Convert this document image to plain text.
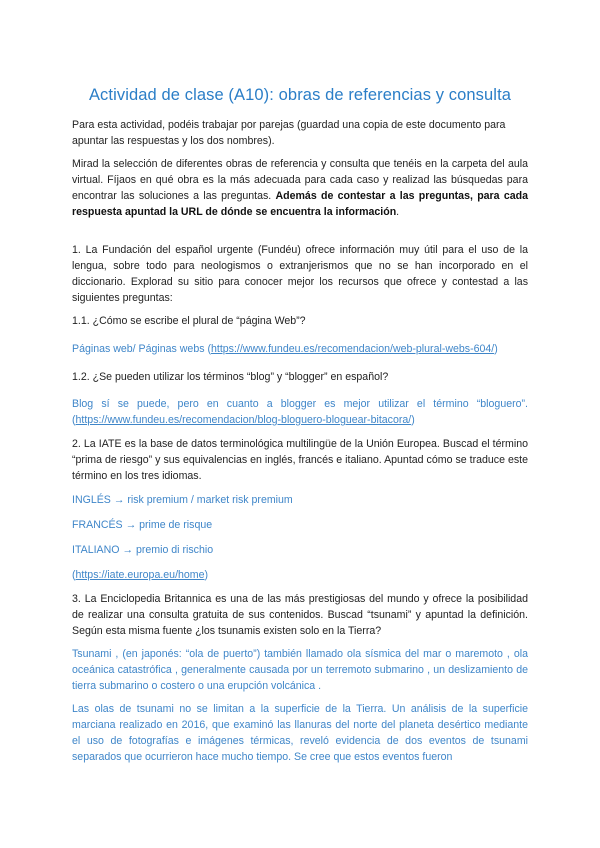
Actividad de clase (A10): obras de referencias y consulta

Para esta actividad, podéis trabajar por parejas (guardad una copia de este documento para apuntar las respuestas y los dos nombres).

Mirad la selección de diferentes obras de referencia y consulta que tenéis en la carpeta del aula virtual. Fíjaos en qué obra es la más adecuada para cada caso y realizad las búsquedas para encontrar las soluciones a las preguntas. Además de contestar a las preguntas, para cada respuesta apuntad la URL de dónde se encuentra la información.

1. La Fundación del español urgente (Fundéu) ofrece información muy útil para el uso de la lengua, sobre todo para neologismos o extranjerismos que no se han incorporado en el diccionario. Explorad su sitio para conocer mejor los recursos que ofrece y contestad a las siguientes preguntas:

1.1. ¿Cómo se escribe el plural de “página Web”?

Páginas web/ Páginas webs (https://www.fundeu.es/recomendacion/web-plural-webs-604/)

1.2. ¿Se pueden utilizar los términos “blog” y “blogger” en español?

Blog sí se puede, pero en cuanto a blogger es mejor utilizar el término “bloguero”. (https://www.fundeu.es/recomendacion/blog-bloguero-bloguear-bitacora/)

2. La IATE es la base de datos terminológica multilingüe de la Unión Europea. Buscad el término “prima de riesgo” y sus equivalencias en inglés, francés e italiano. Apuntad cómo se traduce este término en los tres idiomas.

INGLÉS → risk premium / market risk premium

FRANCÉS → prime de risque

ITALIANO → premio di rischio

(https://iate.europa.eu/home)

3. La Enciclopedia Britannica es una de las más prestigiosas del mundo y ofrece la posibilidad de realizar una consulta gratuita de sus contenidos. Buscad “tsunami” y apuntad la definición. Según esta misma fuente ¿los tsunamis existen solo en la Tierra?

Tsunami , (en japonés: “ola de puerto”) también llamado ola sísmica del mar o maremoto , ola oceánica catastrófica , generalmente causada por un terremoto submarino , un deslizamiento de tierra submarino o costero o una erupción volcánica .

Las olas de tsunami no se limitan a la superficie de la Tierra. Un análisis de la superficie marciana realizado en 2016, que examinó las llanuras del norte del planeta desértico mediante el uso de fotografías e imágenes térmicas, reveló evidencia de dos eventos de tsunami separados que ocurrieron hace mucho tiempo. Se cree que estos eventos fueron
